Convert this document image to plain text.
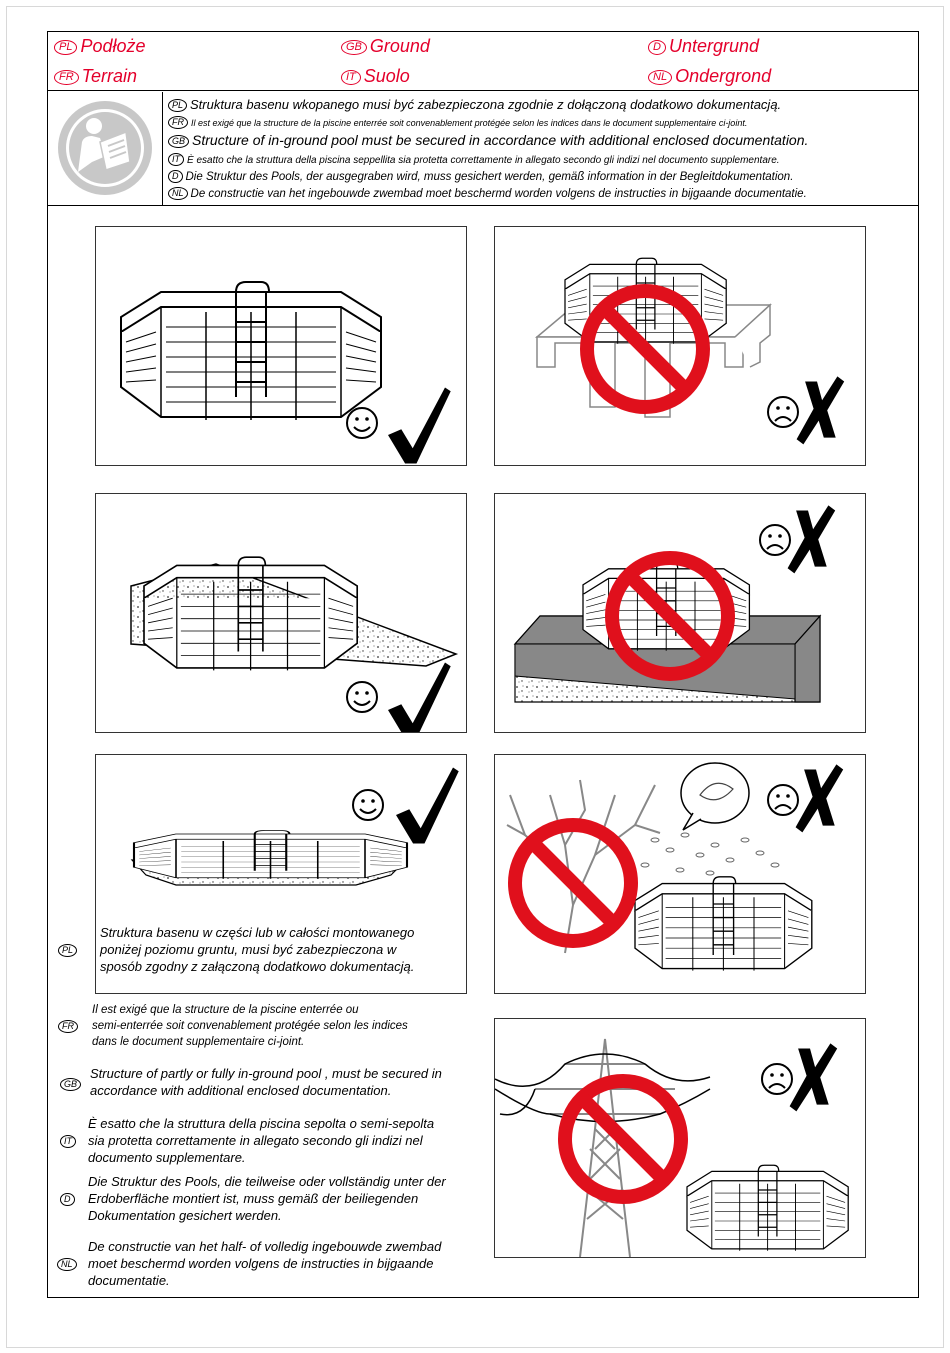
PL Podłoże	GB Ground	D Untergrund
FR Terrain	IT Suolo	NL Ondergrond
PL Struktura basenu wkopanego musi być zabezpieczona zgodnie z dołączoną dodatkowo dokumentacją.
FR Il est exigé que la structure de la piscine enterrée soit convenablement protégée selon les indices dans le document supplementaire ci-joint.
GB Structure of in-ground pool must be secured in accordance with additional enclosed documentation.
IT È esatto che la struttura della piscina seppellita sia protetta correttamente in allegato secondo gli indizi nel documento supplementare.
D Die Struktur des Pools, der ausgegraben wird, muss gesichert werden, gemäß information in der Begleitdokumentation.
NL De constructie van het ingebouwde zwembad moet beschermd worden volgens de instructies in bijgaande documentatie.
Struktura basenu w części lub w całości montowanego
poniżej poziomu gruntu, musi być zabezpieczona w
sposób zgodny z załączoną dodatkowo dokumentacją.
PL
FR
Il est exigé que la structure de la piscine enterrée ou
semi-enterrée soit convenablement protégée selon les indices
dans le document supplementaire ci-joint.
GB
Structure of partly or fully in-ground pool , must be secured in
accordance with additional enclosed documentation.
IT
È esatto che la struttura della piscina sepolta o semi-sepolta
sia protetta correttamente in allegato secondo gli indizi nel
documento supplementare.
D
Die Struktur des Pools, die teilweise oder vollständig unter der
Erdoberfläche montiert ist, muss gemäß der beiliegenden
Dokumentation gesichert werden.
NL
De constructie van het half- of volledig ingebouwde zwembad
moet beschermd worden volgens de instructies in bijgaande
documentatie.
